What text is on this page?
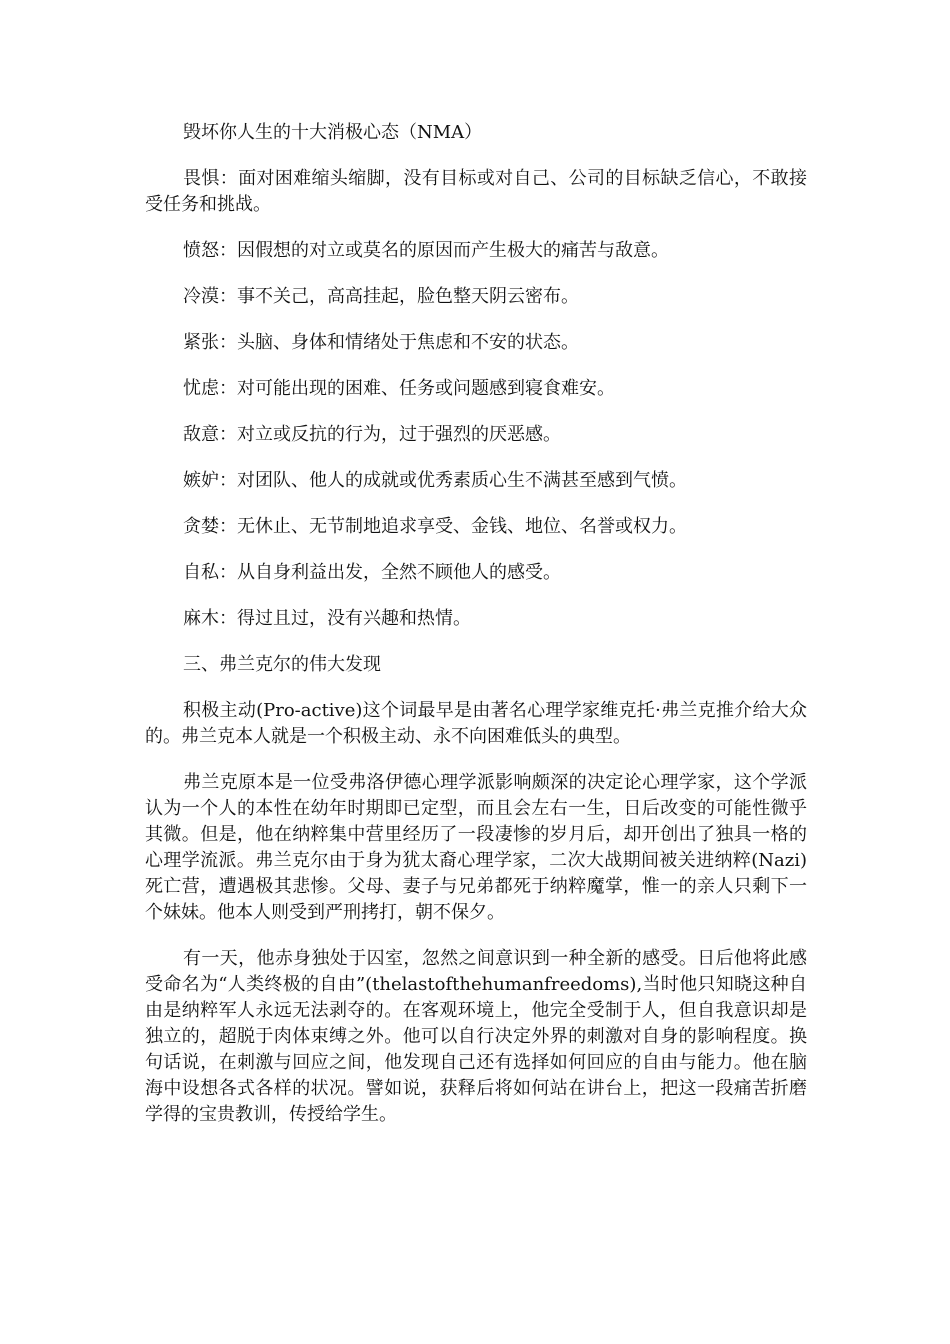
毁坏你人生的十大消极心态（NMA）

畏惧：面对困难缩头缩脚，没有目标或对自己、公司的目标缺乏信心，不敢接受任务和挑战。

愤怒：因假想的对立或莫名的原因而产生极大的痛苦与敌意。

冷漠：事不关己，高高挂起，脸色整天阴云密布。

紧张：头脑、身体和情绪处于焦虑和不安的状态。

忧虑：对可能出现的困难、任务或问题感到寝食难安。

敌意：对立或反抗的行为，过于强烈的厌恶感。

嫉妒：对团队、他人的成就或优秀素质心生不满甚至感到气愤。

贪婪：无休止、无节制地追求享受、金钱、地位、名誉或权力。

自私：从自身利益出发，全然不顾他人的感受。

麻木：得过且过，没有兴趣和热情。

三、弗兰克尔的伟大发现

积极主动(Pro-active)这个词最早是由著名心理学家维克托·弗兰克推介给大众的。弗兰克本人就是一个积极主动、永不向困难低头的典型。

弗兰克原本是一位受弗洛伊德心理学派影响颇深的决定论心理学家，这个学派认为一个人的本性在幼年时期即已定型，而且会左右一生，日后改变的可能性微乎其微。但是，他在纳粹集中营里经历了一段凄惨的岁月后，却开创出了独具一格的心理学流派。弗兰克尔由于身为犹太裔心理学家，二次大战期间被关进纳粹(Nazi)死亡营，遭遇极其悲惨。父母、妻子与兄弟都死于纳粹魔掌，惟一的亲人只剩下一个妹妹。他本人则受到严刑拷打，朝不保夕。

有一天，他赤身独处于囚室，忽然之间意识到一种全新的感受。日后他将此感受命名为“人类终极的自由”(thelastofthehumanfreedoms),当时他只知晓这种自由是纳粹军人永远无法剥夺的。在客观环境上，他完全受制于人，但自我意识却是独立的，超脱于肉体束缚之外。他可以自行决定外界的刺激对自身的影响程度。换句话说，在刺激与回应之间，他发现自己还有选择如何回应的自由与能力。他在脑海中设想各式各样的状况。譬如说，获释后将如何站在讲台上，把这一段痛苦折磨学得的宝贵教训，传授给学生。
